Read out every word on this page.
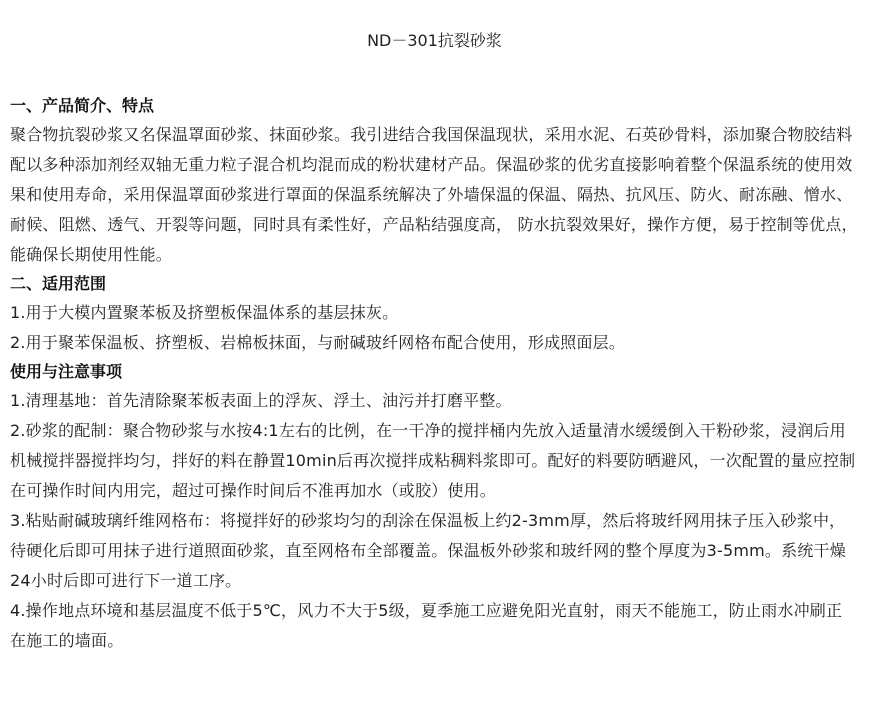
ND－301抗裂砂浆
一、产品简介、特点

聚合物抗裂砂浆又名保温罩面砂浆、抹面砂浆。我引进结合我国保温现状，采用水泥、石英砂骨料，添加聚合物胶结料配以多种添加剂经双轴无重力粒子混合机均混而成的粉状建材产品。保温砂浆的优劣直接影响着整个保温系统的使用效果和使用寿命，采用保温罩面砂浆进行罩面的保温系统解决了外墙保温的保温、隔热、抗风压、防火、耐冻融、憎水、耐候、阻燃、透气、开裂等问题，同时具有柔性好，产品粘结强度高， 防水抗裂效果好，操作方便，易于控制等优点，能确保长期使用性能。

二、适用范围

1.用于大模内置聚苯板及挤塑板保温体系的基层抹灰。

2.用于聚苯保温板、挤塑板、岩棉板抹面，与耐碱玻纤网格布配合使用，形成照面层。

使用与注意事项

1.清理基地：首先清除聚苯板表面上的浮灰、浮土、油污并打磨平整。

2.砂浆的配制：聚合物砂浆与水按4:1左右的比例，在一干净的搅拌桶内先放入适量清水缓缓倒入干粉砂浆，浸润后用机械搅拌器搅拌均匀，拌好的料在静置10min后再次搅拌成粘稠料浆即可。配好的料要防晒避风，一次配置的量应控制在可操作时间内用完，超过可操作时间后不准再加水（或胶）使用。

3.粘贴耐碱玻璃纤维网格布：将搅拌好的砂浆均匀的刮涂在保温板上约2-3mm厚，然后将玻纤网用抹子压入砂浆中，待硬化后即可用抹子进行道照面砂浆，直至网格布全部覆盖。保温板外砂浆和玻纤网的整个厚度为3-5mm。系统干燥24小时后即可进行下一道工序。

4.操作地点环境和基层温度不低于5℃，风力不大于5级，夏季施工应避免阳光直射，雨天不能施工，防止雨水冲刷正在施工的墙面。
